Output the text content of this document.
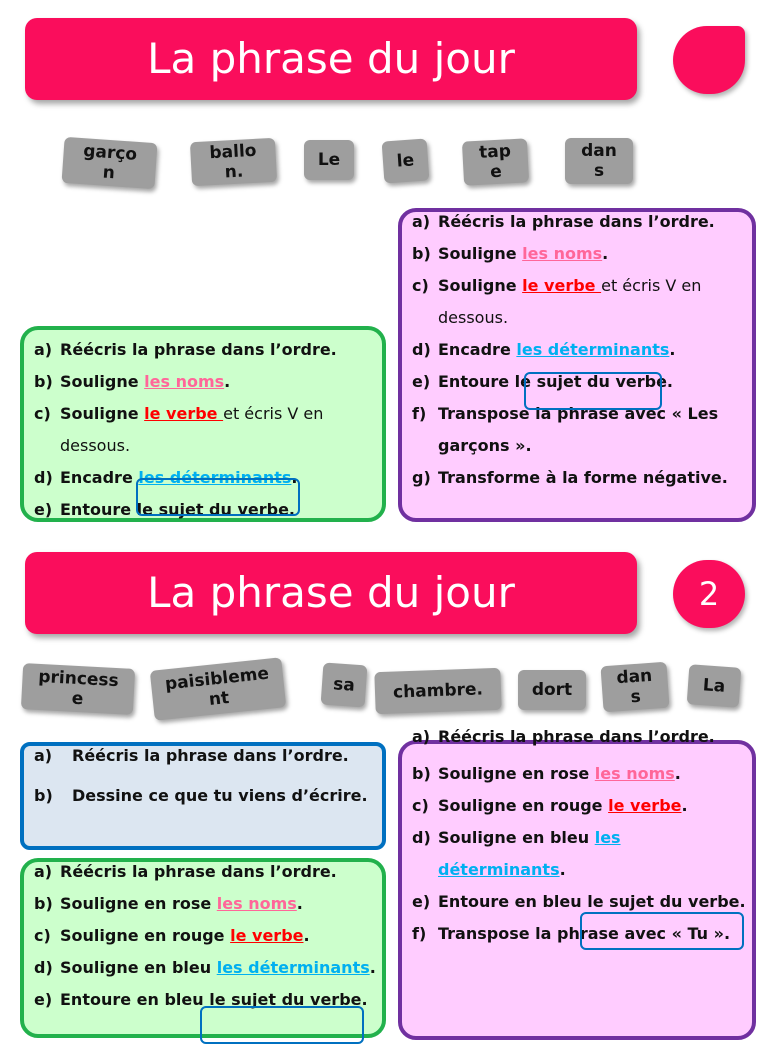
La phrase du jour
garço
n
ballo
n.
Le	le	tap
e
dan
s
a) Réécris la phrase dans l’ordre.
b) Souligne les noms.
c) Souligne le verbe et écris V en dessous.
d) Encadre les déterminants.
e) Entoure le sujet du verbe.
f) Transpose la phrase avec « Les garçons ».
g) Transforme à la forme négative.
a) Réécris la phrase dans l’ordre.
b) Souligne les noms.
c) Souligne le verbe et écris V en dessous.
d) Encadre les déterminants.
e) Entoure le sujet du verbe.
La phrase du jour	2
princess
e
paisibleme
nt
sa	chambre.	dort
dan
s
La
a) Réécris la phrase dans l’ordre.
b) Dessine ce que tu viens d’écrire.
a) Réécris la phrase dans l’ordre.
b) Souligne en rose les noms.
c) Souligne en rouge le verbe.
d) Souligne en bleu les déterminants.
e) Entoure en bleu le sujet du verbe.
f) Transpose la phrase avec « Tu ».
a) Réécris la phrase dans l’ordre.
b) Souligne en rose les noms.
c) Souligne en rouge le verbe.
d) Souligne en bleu les déterminants.
e) Entoure en bleu le sujet du verbe.
